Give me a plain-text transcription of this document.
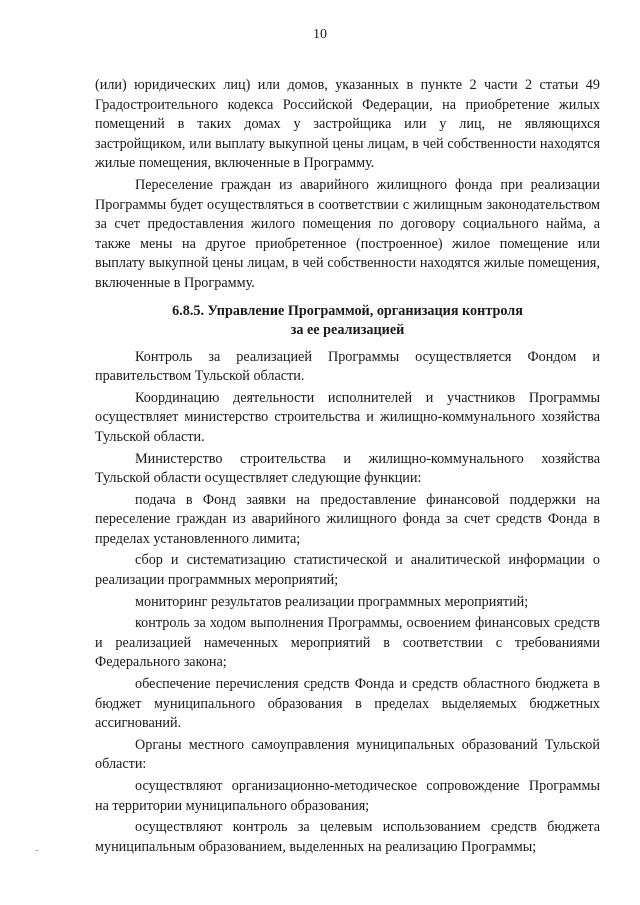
10

(или) юридических лиц) или домов, указанных в пункте 2 части 2 статьи 49 Градостроительного кодекса Российской Федерации, на приобретение жилых помещений в таких домах у застройщика или у лиц, не являющихся застройщиком, или выплату выкупной цены лицам, в чей собственности находятся жилые помещения, включенные в Программу.

Переселение граждан из аварийного жилищного фонда при реализации Программы будет осуществляться в соответствии с жилищным законодательством за счет предоставления жилого помещения по договору социального найма, а также мены на другое приобретенное (построенное) жилое помещение или выплату выкупной цены лицам, в чей собственности находятся жилые помещения, включенные в Программу.

6.8.5. Управление Программой, организация контроля
за ее реализацией

Контроль за реализацией Программы осуществляется Фондом и правительством Тульской области.

Координацию деятельности исполнителей и участников Программы осуществляет министерство строительства и жилищно-коммунального хозяйства Тульской области.

Министерство строительства и жилищно-коммунального хозяйства Тульской области осуществляет следующие функции:

подача в Фонд заявки на предоставление финансовой поддержки на переселение граждан из аварийного жилищного фонда за счет средств Фонда в пределах установленного лимита;

сбор и систематизацию статистической и аналитической информации о реализации программных мероприятий;

мониторинг результатов реализации программных мероприятий;

контроль за ходом выполнения Программы, освоением финансовых средств и реализацией намеченных мероприятий в соответствии с требованиями Федерального закона;

обеспечение перечисления средств Фонда и средств областного бюджета в бюджет муниципального образования в пределах выделяемых бюджетных ассигнований.

Органы местного самоуправления муниципальных образований Тульской области:

осуществляют организационно-методическое сопровождение Программы на территории муниципального образования;

осуществляют контроль за целевым использованием средств бюджета муниципальным образованием, выделенных на реализацию Программы;
